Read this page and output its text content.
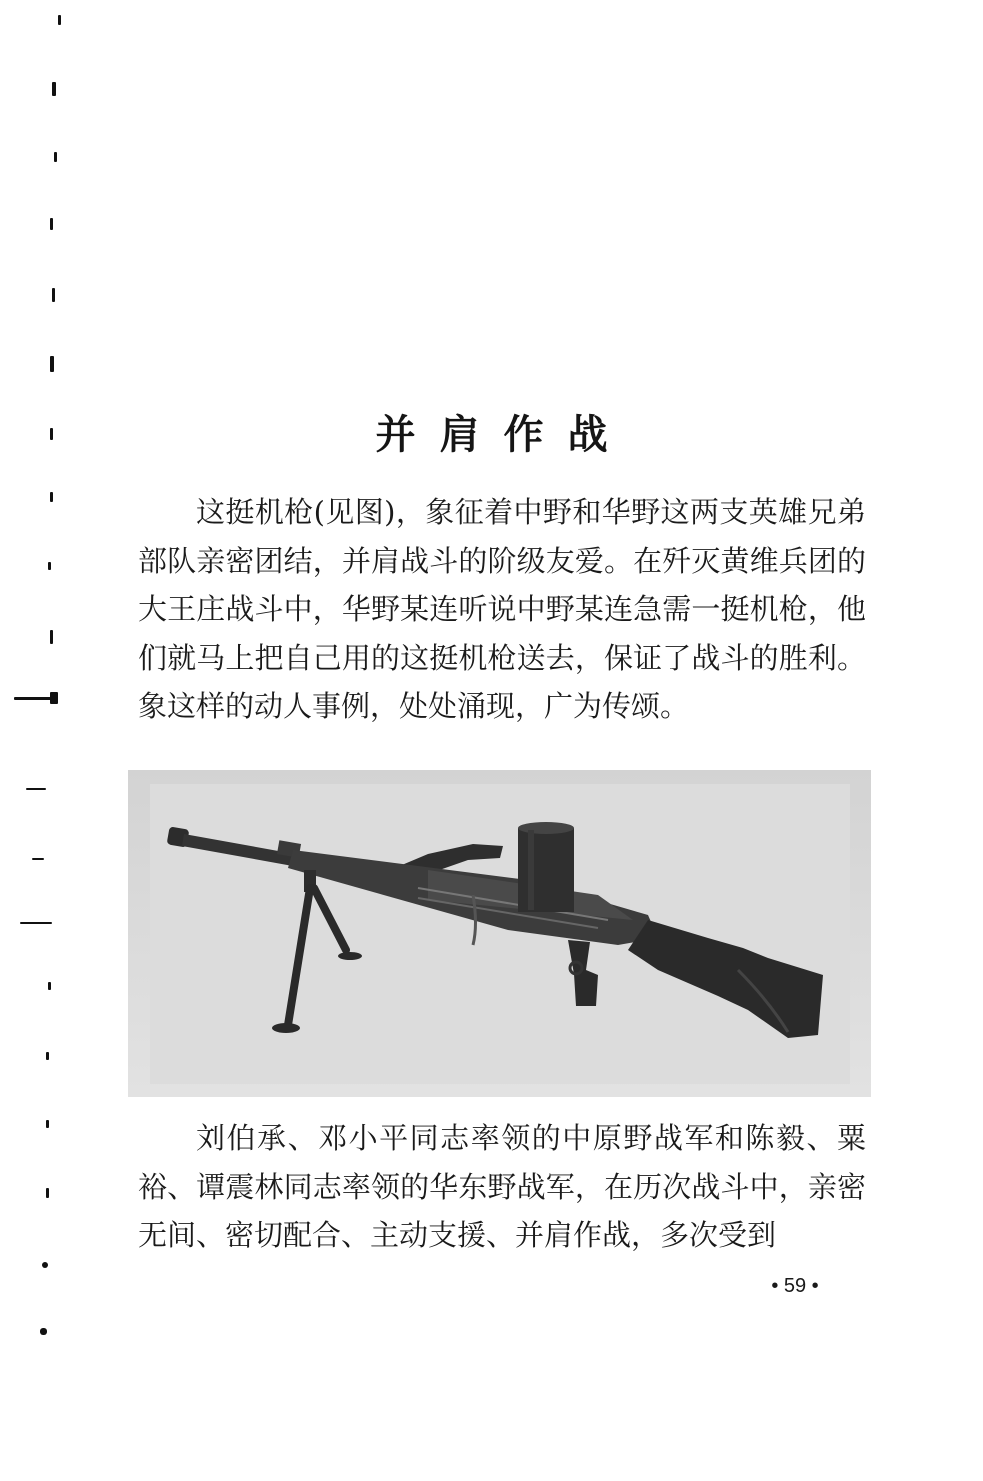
并肩作战

这挺机枪(见图)，象征着中野和华野这两支英雄兄弟部队亲密团结，并肩战斗的阶级友爱。在歼灭黄维兵团的大王庄战斗中，华野某连听说中野某连急需一挺机枪，他们就马上把自己用的这挺机枪送去，保证了战斗的胜利。象这样的动人事例，处处涌现，广为传颂。

刘伯承、邓小平同志率领的中原野战军和陈毅、粟裕、谭震林同志率领的华东野战军，在历次战斗中，亲密无间、密切配合、主动支援、并肩作战，多次受到

• 59 •
